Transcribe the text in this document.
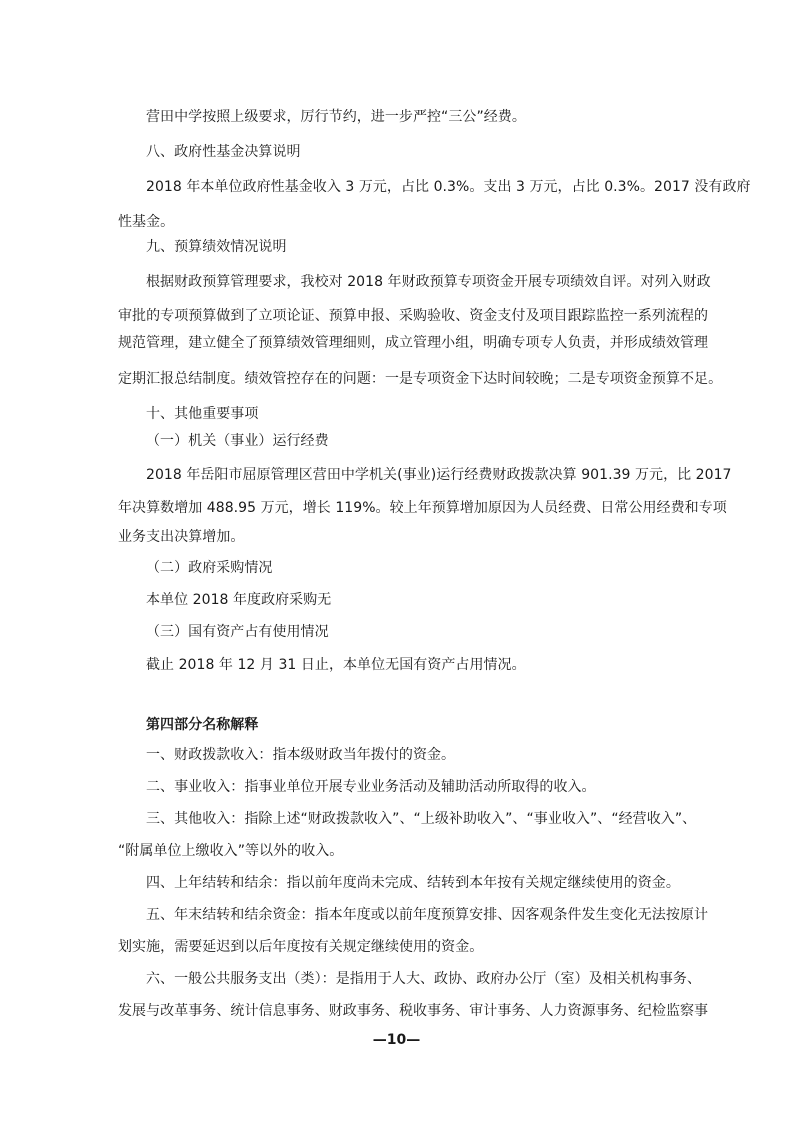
营田中学按照上级要求，厉行节约，进一步严控“三公”经费。
八、政府性基金决算说明
2018 年本单位政府性基金收入 3 万元，占比 0.3%。支出 3 万元，占比 0.3%。2017 没有政府
性基金。
九、预算绩效情况说明
根据财政预算管理要求，我校对 2018 年财政预算专项资金开展专项绩效自评。对列入财政
审批的专项预算做到了立项论证、预算申报、采购验收、资金支付及项目跟踪监控一系列流程的
规范管理，建立健全了预算绩效管理细则，成立管理小组，明确专项专人负责，并形成绩效管理
定期汇报总结制度。绩效管控存在的问题：一是专项资金下达时间较晚；二是专项资金预算不足。
十、其他重要事项
（一）机关（事业）运行经费
2018 年岳阳市屈原管理区营田中学机关(事业)运行经费财政拨款决算 901.39 万元，比 2017
年决算数增加 488.95 万元，增长 119%。较上年预算增加原因为人员经费、日常公用经费和专项
业务支出决算增加。
（二）政府采购情况
本单位 2018 年度政府采购无
（三）国有资产占有使用情况
截止 2018 年 12 月 31 日止，本单位无国有资产占用情况。
第四部分名称解释
一、财政拨款收入：指本级财政当年拨付的资金。
二、事业收入：指事业单位开展专业业务活动及辅助活动所取得的收入。
三、其他收入：指除上述“财政拨款收入”、“上级补助收入”、“事业收入”、“经营收入”、
“附属单位上缴收入”等以外的收入。
四、上年结转和结余：指以前年度尚未完成、结转到本年按有关规定继续使用的资金。
五、年末结转和结余资金：指本年度或以前年度预算安排、因客观条件发生变化无法按原计
划实施，需要延迟到以后年度按有关规定继续使用的资金。
六、一般公共服务支出（类）：是指用于人大、政协、政府办公厅（室）及相关机构事务、
发展与改革事务、统计信息事务、财政事务、税收事务、审计事务、人力资源事务、纪检监察事
—10—
